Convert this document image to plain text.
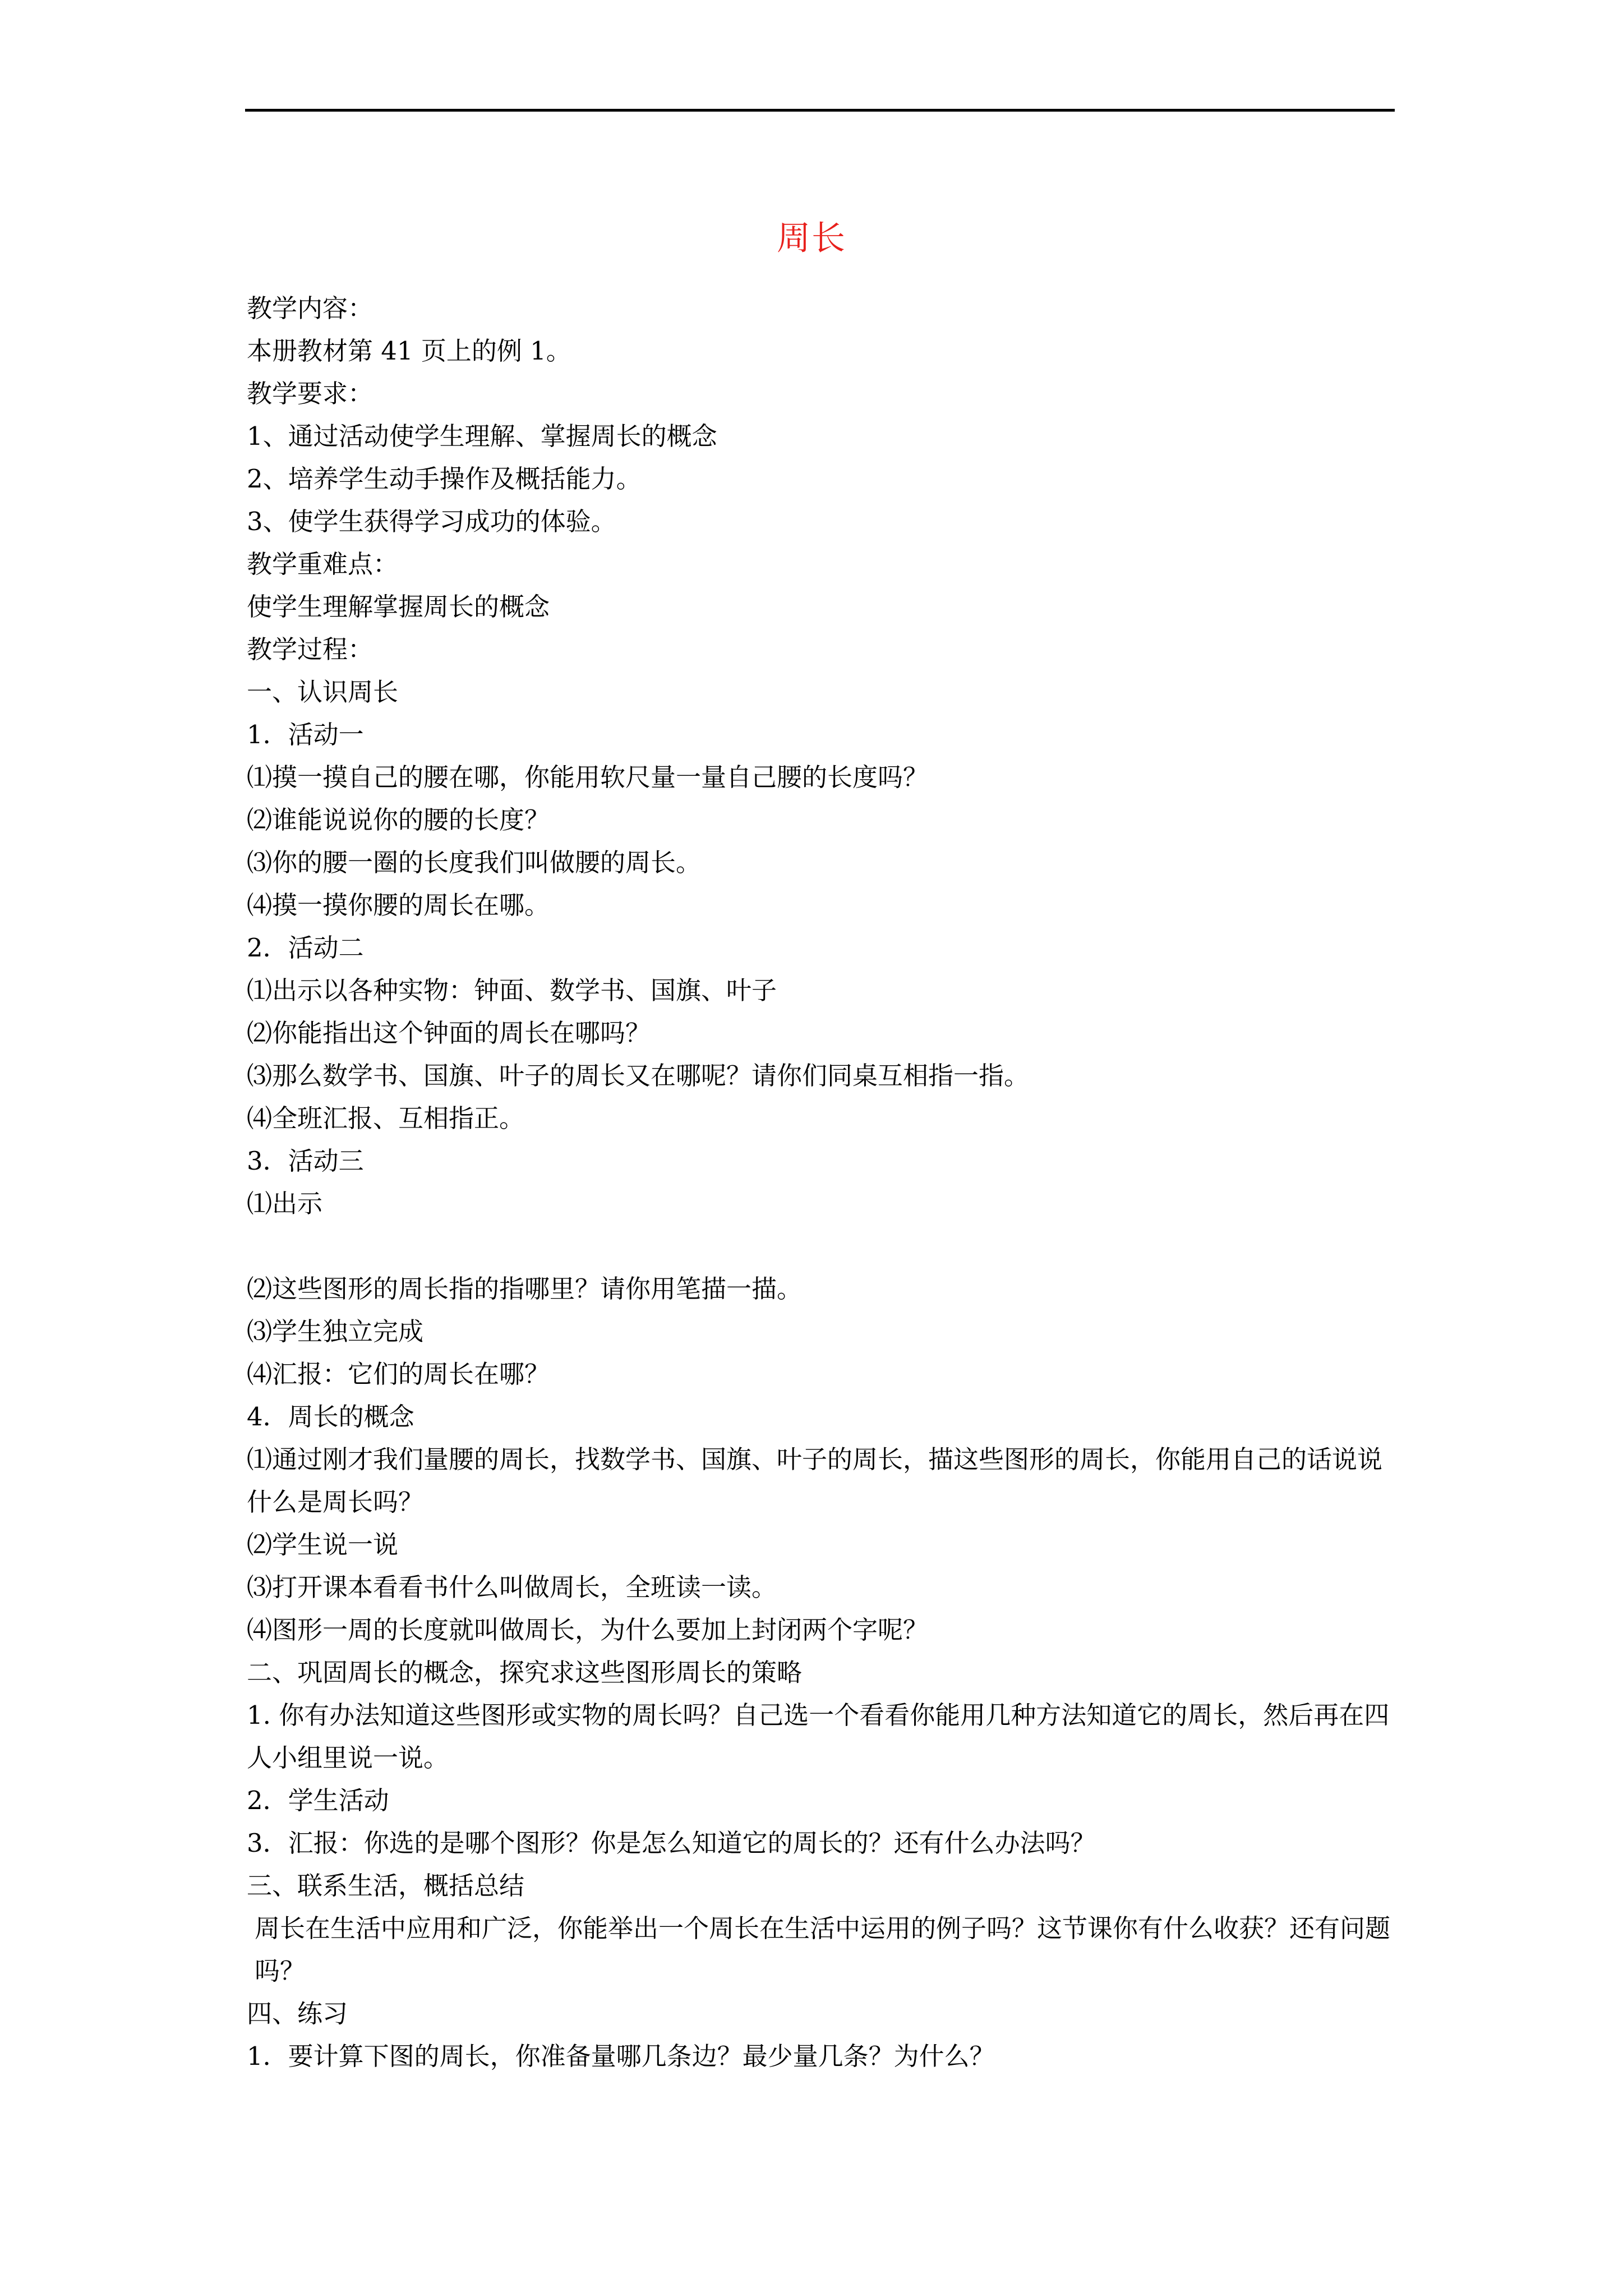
周长
教学内容：
本册教材第 41 页上的例 1。
教学要求：
1、通过活动使学生理解、掌握周长的概念
2、培养学生动手操作及概括能力。
3、使学生获得学习成功的体验。
教学重难点：
使学生理解掌握周长的概念
教学过程：
一、认识周长
1．活动一
⑴摸一摸自己的腰在哪，你能用软尺量一量自己腰的长度吗？
⑵谁能说说你的腰的长度？
⑶你的腰一圈的长度我们叫做腰的周长。
⑷摸一摸你腰的周长在哪。
2．活动二
⑴出示以各种实物：钟面、数学书、国旗、叶子
⑵你能指出这个钟面的周长在哪吗？
⑶那么数学书、国旗、叶子的周长又在哪呢？请你们同桌互相指一指。
⑷全班汇报、互相指正。
3．活动三
⑴出示
⑵这些图形的周长指的指哪里？请你用笔描一描。
⑶学生独立完成
⑷汇报：它们的周长在哪？
4．周长的概念
⑴通过刚才我们量腰的周长，找数学书、国旗、叶子的周长，描这些图形的周长，你能用自己的话说说什么是周长吗？
⑵学生说一说
⑶打开课本看看书什么叫做周长，全班读一读。
⑷图形一周的长度就叫做周长，为什么要加上封闭两个字呢？
二、巩固周长的概念，探究求这些图形周长的策略
1. 你有办法知道这些图形或实物的周长吗？自己选一个看看你能用几种方法知道它的周长，然后再在四人小组里说一说。
2．学生活动
3．汇报：你选的是哪个图形？你是怎么知道它的周长的？还有什么办法吗？
三、联系生活，概括总结
周长在生活中应用和广泛，你能举出一个周长在生活中运用的例子吗？这节课你有什么收获？还有问题吗？
四、练习
1．要计算下图的周长，你准备量哪几条边？最少量几条？为什么？
